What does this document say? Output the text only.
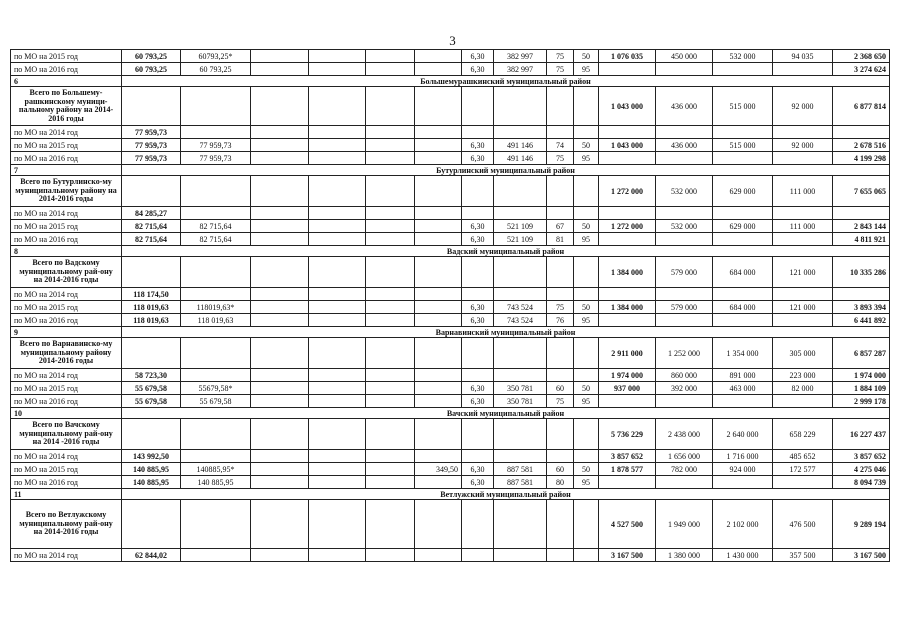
3
по МО на 2015 год	60 793,25	60793,25*					6,30	382 997	75	50	1 076 035	450 000	532 000	94 035	2 368 650
по МО на 2016 год	60 793,25	60 793,25					6,30	382 997	75	95					3 274 624
6	Большемурашкинский муниципальный район														
Всего по Большему-рашкинскому муници-пальному району на 2014-2016 годы											1 043 000	436 000	515 000	92 000	6 877 814
по МО на 2014 год	77 959,73														
по МО на 2015 год	77 959,73	77 959,73					6,30	491 146	74	50	1 043 000	436 000	515 000	92 000	2 678 516
по МО на 2016 год	77 959,73	77 959,73					6,30	491 146	75	95					4 199 298
7	Бутурлинский муниципальный район														
Всего по Бутурлинско-му муниципальному району на 2014-2016 годы											1 272 000	532 000	629 000	111 000	7 655 065
по МО на 2014 год	84 285,27														
по МО на 2015 год	82 715,64	82 715,64					6,30	521 109	67	50	1 272 000	532 000	629 000	111 000	2 843 144
по МО на 2016 год	82 715,64	82 715,64					6,30	521 109	81	95					4 811 921
8	Вадский муниципальный район														
Всего по Вадскому муниципальному рай-ону на 2014-2016 годы											1 384 000	579 000	684 000	121 000	10 335 286
по МО на 2014 год	118 174,50														
по МО на 2015 год	118 019,63	118019,63*					6,30	743 524	75	50	1 384 000	579 000	684 000	121 000	3 893 394
по МО на 2016 год	118 019,63	118 019,63					6,30	743 524	76	95					6 441 892
9	Варнавинский муниципальный район														
Всего по Варнавинско-му муниципальному району 2014-2016 годы											2 911 000	1 252 000	1 354 000	305 000	6 857 287
по МО на 2014 год	58 723,30										1 974 000	860 000	891 000	223 000	1 974 000
по МО на 2015 год	55 679,58	55679,58*					6,30	350 781	60	50	937 000	392 000	463 000	82 000	1 884 109
по МО на 2016 год	55 679,58	55 679,58					6,30	350 781	75	95					2 999 178
10	Вачский муниципальный район														
Всего по Вачскому муниципальному рай-ону на 2014 -2016 годы											5 736 229	2 438 000	2 640 000	658 229	16 227 437
по МО на 2014 год	143 992,50										3 857 652	1 656 000	1 716 000	485 652	3 857 652
по МО на 2015 год	140 885,95	140885,95*				349,50	6,30	887 581	60	50	1 878 577	782 000	924 000	172 577	4 275 046
по МО на 2016 год	140 885,95	140 885,95					6,30	887 581	80	95					8 094 739
11	Ветлужский муниципальный район														
Всего по Ветлужскому муниципальному рай-ону на 2014-2016 годы											4 527 500	1 949 000	2 102 000	476 500	9 289 194
по МО на 2014 год	62 844,02										3 167 500	1 380 000	1 430 000	357 500	3 167 500
